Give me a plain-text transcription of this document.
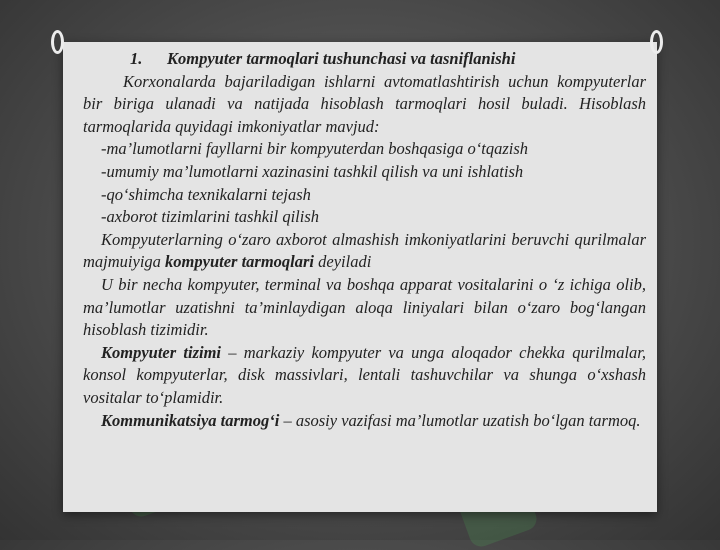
1. Kompyuter tarmoqlari tushunchasi va tasniflanishi

Korxonalarda bajariladigan ishlarni avtomatlashtirish uchun kompyuterlar bir biriga ulanadi va natijada hisoblash tarmoqlari hosil buladi. Hisoblash tarmoqlarida quyidagi imkoniyatlar mavjud:

-ma’lumotlarni fayllarni bir kompyuterdan boshqasiga o‘tqazish

-umumiy ma’lumotlarni xazinasini tashkil qilish va uni ishlatish

-qo‘shimcha texnikalarni tejash

-axborot tizimlarini tashkil qilish

Kompyuterlarning o‘zaro axborot almashish imkoniyatlarini beruvchi qurilmalar majmuiyiga kompyuter tarmoqlari deyiladi

U bir necha kompyuter, terminal va boshqa apparat vositalarini o ‘z ichiga olib, ma’lumotlar uzatishni ta’minlaydigan aloqa liniyalari bilan o‘zaro bog‘langan hisoblash tizimidir.

Kompyuter tizimi – markaziy kompyuter va unga aloqador chekka qurilmalar, konsol kompyuterlar, disk massivlari, lentali tashuvchilar va shunga o‘xshash vositalar to‘plamidir.

Kommunikatsiya tarmog‘i – asosiy vazifasi ma’lumotlar uzatish bo‘lgan tarmoq.
